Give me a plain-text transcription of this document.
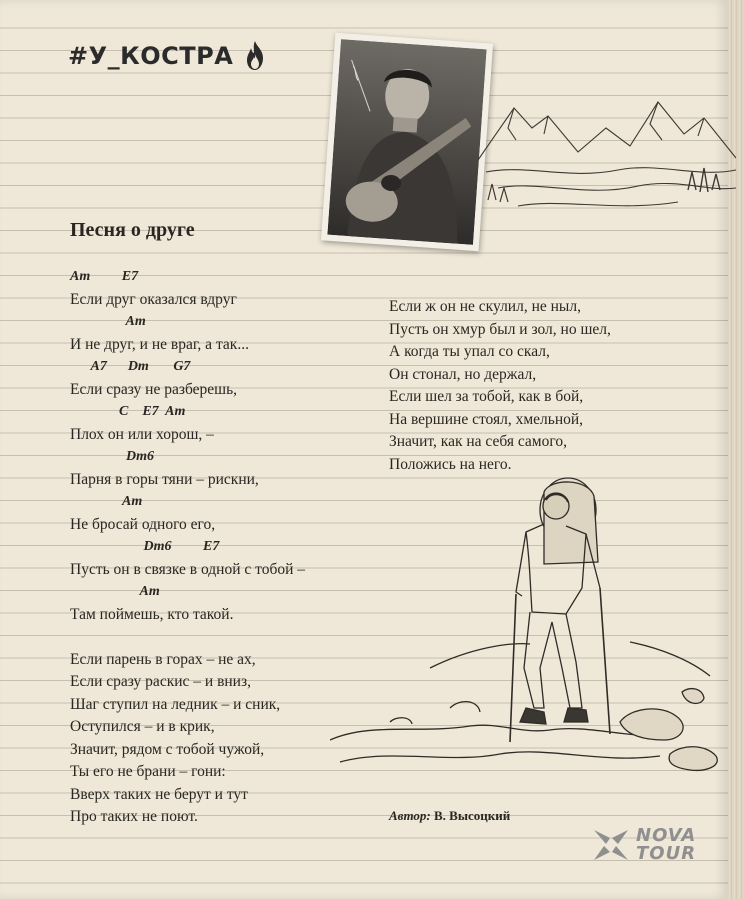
#У_КОСТРА
Песня о друге
Am         E7
Если друг оказался вдруг
Am
И не друг, и не враг, а так...
A7      Dm       G7
Если сразу не разберешь,
C    E7  Am
Плох он или хорош, –
Dm6
Парня в горы тяни – рискни,
Am
Не бросай одного его,
Dm6         E7
Пусть он в связке в одной с тобой –
Am
Там поймешь, кто такой.
Если парень в горах – не ах,
Если сразу раскис – и вниз,
Шаг ступил на ледник – и сник,
Оступился – и в крик,
Значит, рядом с тобой чужой,
Ты его не брани – гони:
Вверх таких не берут и тут
Про таких не поют.
Если ж он не скулил, не ныл,
Пусть он хмур был и зол, но шел,
А когда ты упал со скал,
Он стонал, но держал,
Если шел за тобой, как в бой,
На вершине стоял, хмельной,
Значит, как на себя самого,
Положись на него.
Автор: В. Высоцкий
NOVA
TOUR
